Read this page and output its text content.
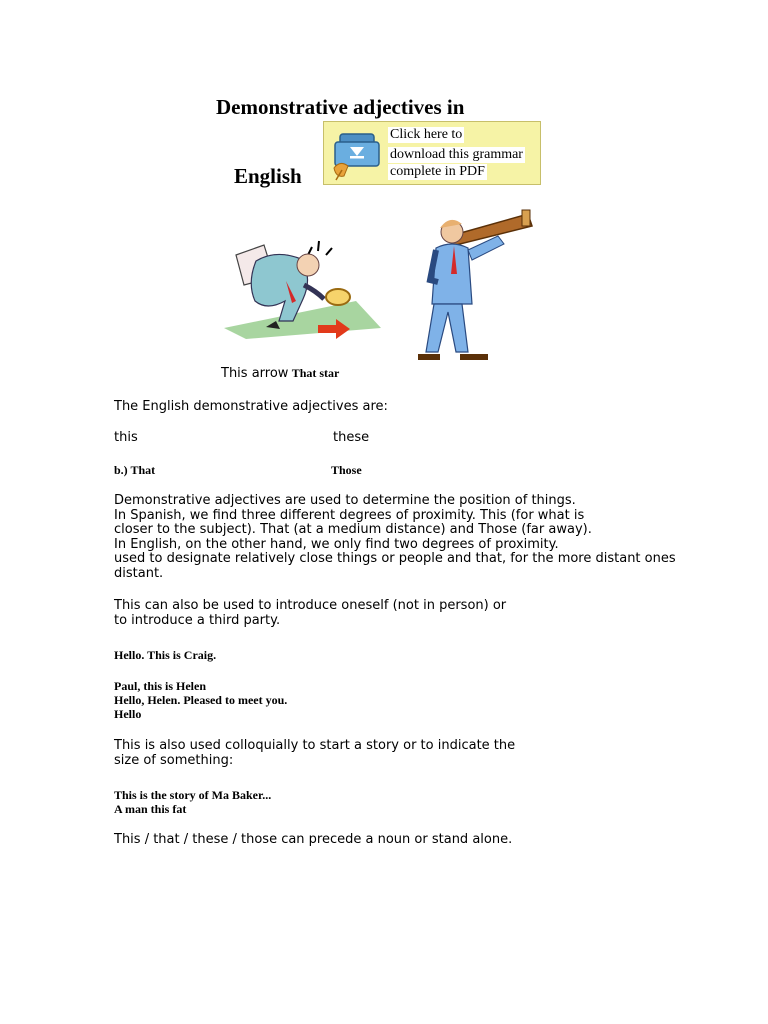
Demonstrative adjectives in
English
Click here to
download this grammar
complete in PDF
This arrow That star
The English demonstrative adjectives are:
this	these
b.) That	Those
Demonstrative adjectives are used to determine the position of things.
In Spanish, we find three different degrees of proximity. This (for what is
closer to the subject). That (at a medium distance) and Those (far away).
In English, on the other hand, we only find two degrees of proximity.
used to designate relatively close things or people and that, for the more distant ones
distant.
This can also be used to introduce oneself (not in person) or
to introduce a third party.
Hello. This is Craig.
Paul, this is Helen
Hello, Helen. Pleased to meet you.
Hello
This is also used colloquially to start a story or to indicate the
size of something:
This is the story of Ma Baker...
A man this fat
This / that / these / those can precede a noun or stand alone.
